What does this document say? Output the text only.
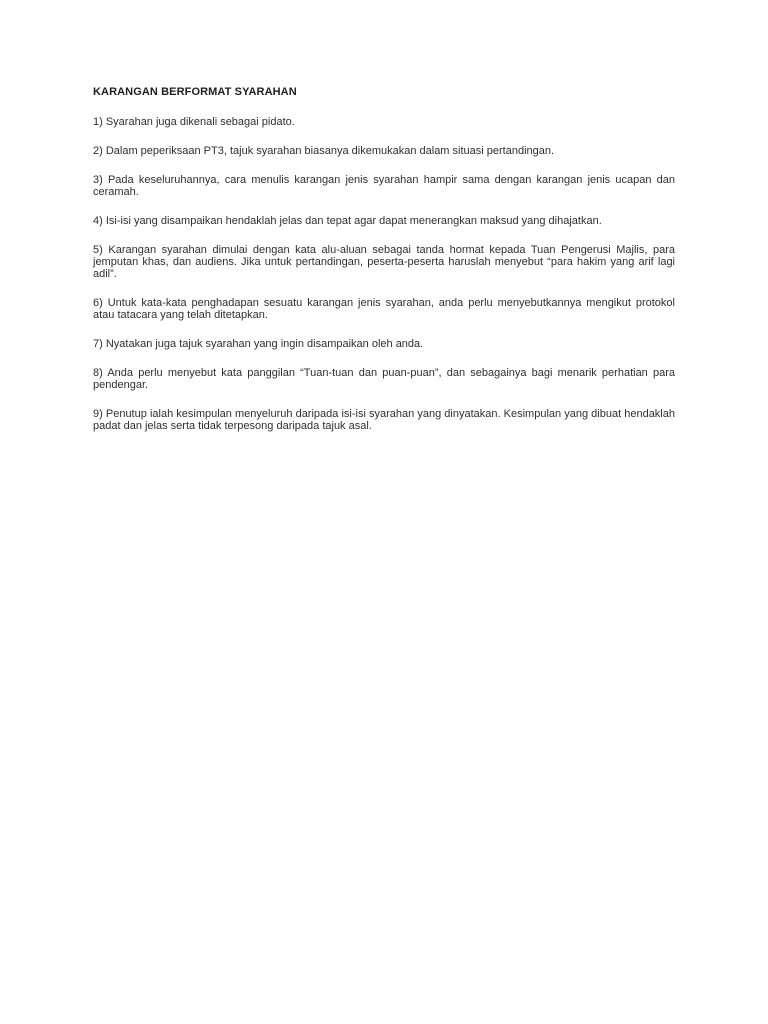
KARANGAN BERFORMAT SYARAHAN

1) Syarahan juga dikenali sebagai pidato.

2) Dalam peperiksaan PT3, tajuk syarahan biasanya dikemukakan dalam situasi pertandingan.

3) Pada keseluruhannya, cara menulis karangan jenis syarahan hampir sama dengan karangan jenis ucapan dan ceramah.

4) Isi-isi yang disampaikan hendaklah jelas dan tepat agar dapat menerangkan maksud yang dihajatkan.

5) Karangan syarahan dimulai dengan kata alu-aluan sebagai tanda hormat kepada Tuan Pengerusi Majlis, para jemputan khas, dan audiens. Jika untuk pertandingan, peserta-peserta haruslah menyebut “para hakim yang arif lagi adil”.

6) Untuk kata-kata penghadapan sesuatu karangan jenis syarahan, anda perlu menyebutkannya mengikut protokol atau tatacara yang telah ditetapkan.

7) Nyatakan juga tajuk syarahan yang ingin disampaikan oleh anda.

8) Anda perlu menyebut kata panggilan “Tuan-tuan dan puan-puan”, dan sebagainya bagi menarik perhatian para pendengar.

9) Penutup ialah kesimpulan menyeluruh daripada isi-isi syarahan yang dinyatakan. Kesimpulan yang dibuat hendaklah padat dan jelas serta tidak terpesong daripada tajuk asal.
